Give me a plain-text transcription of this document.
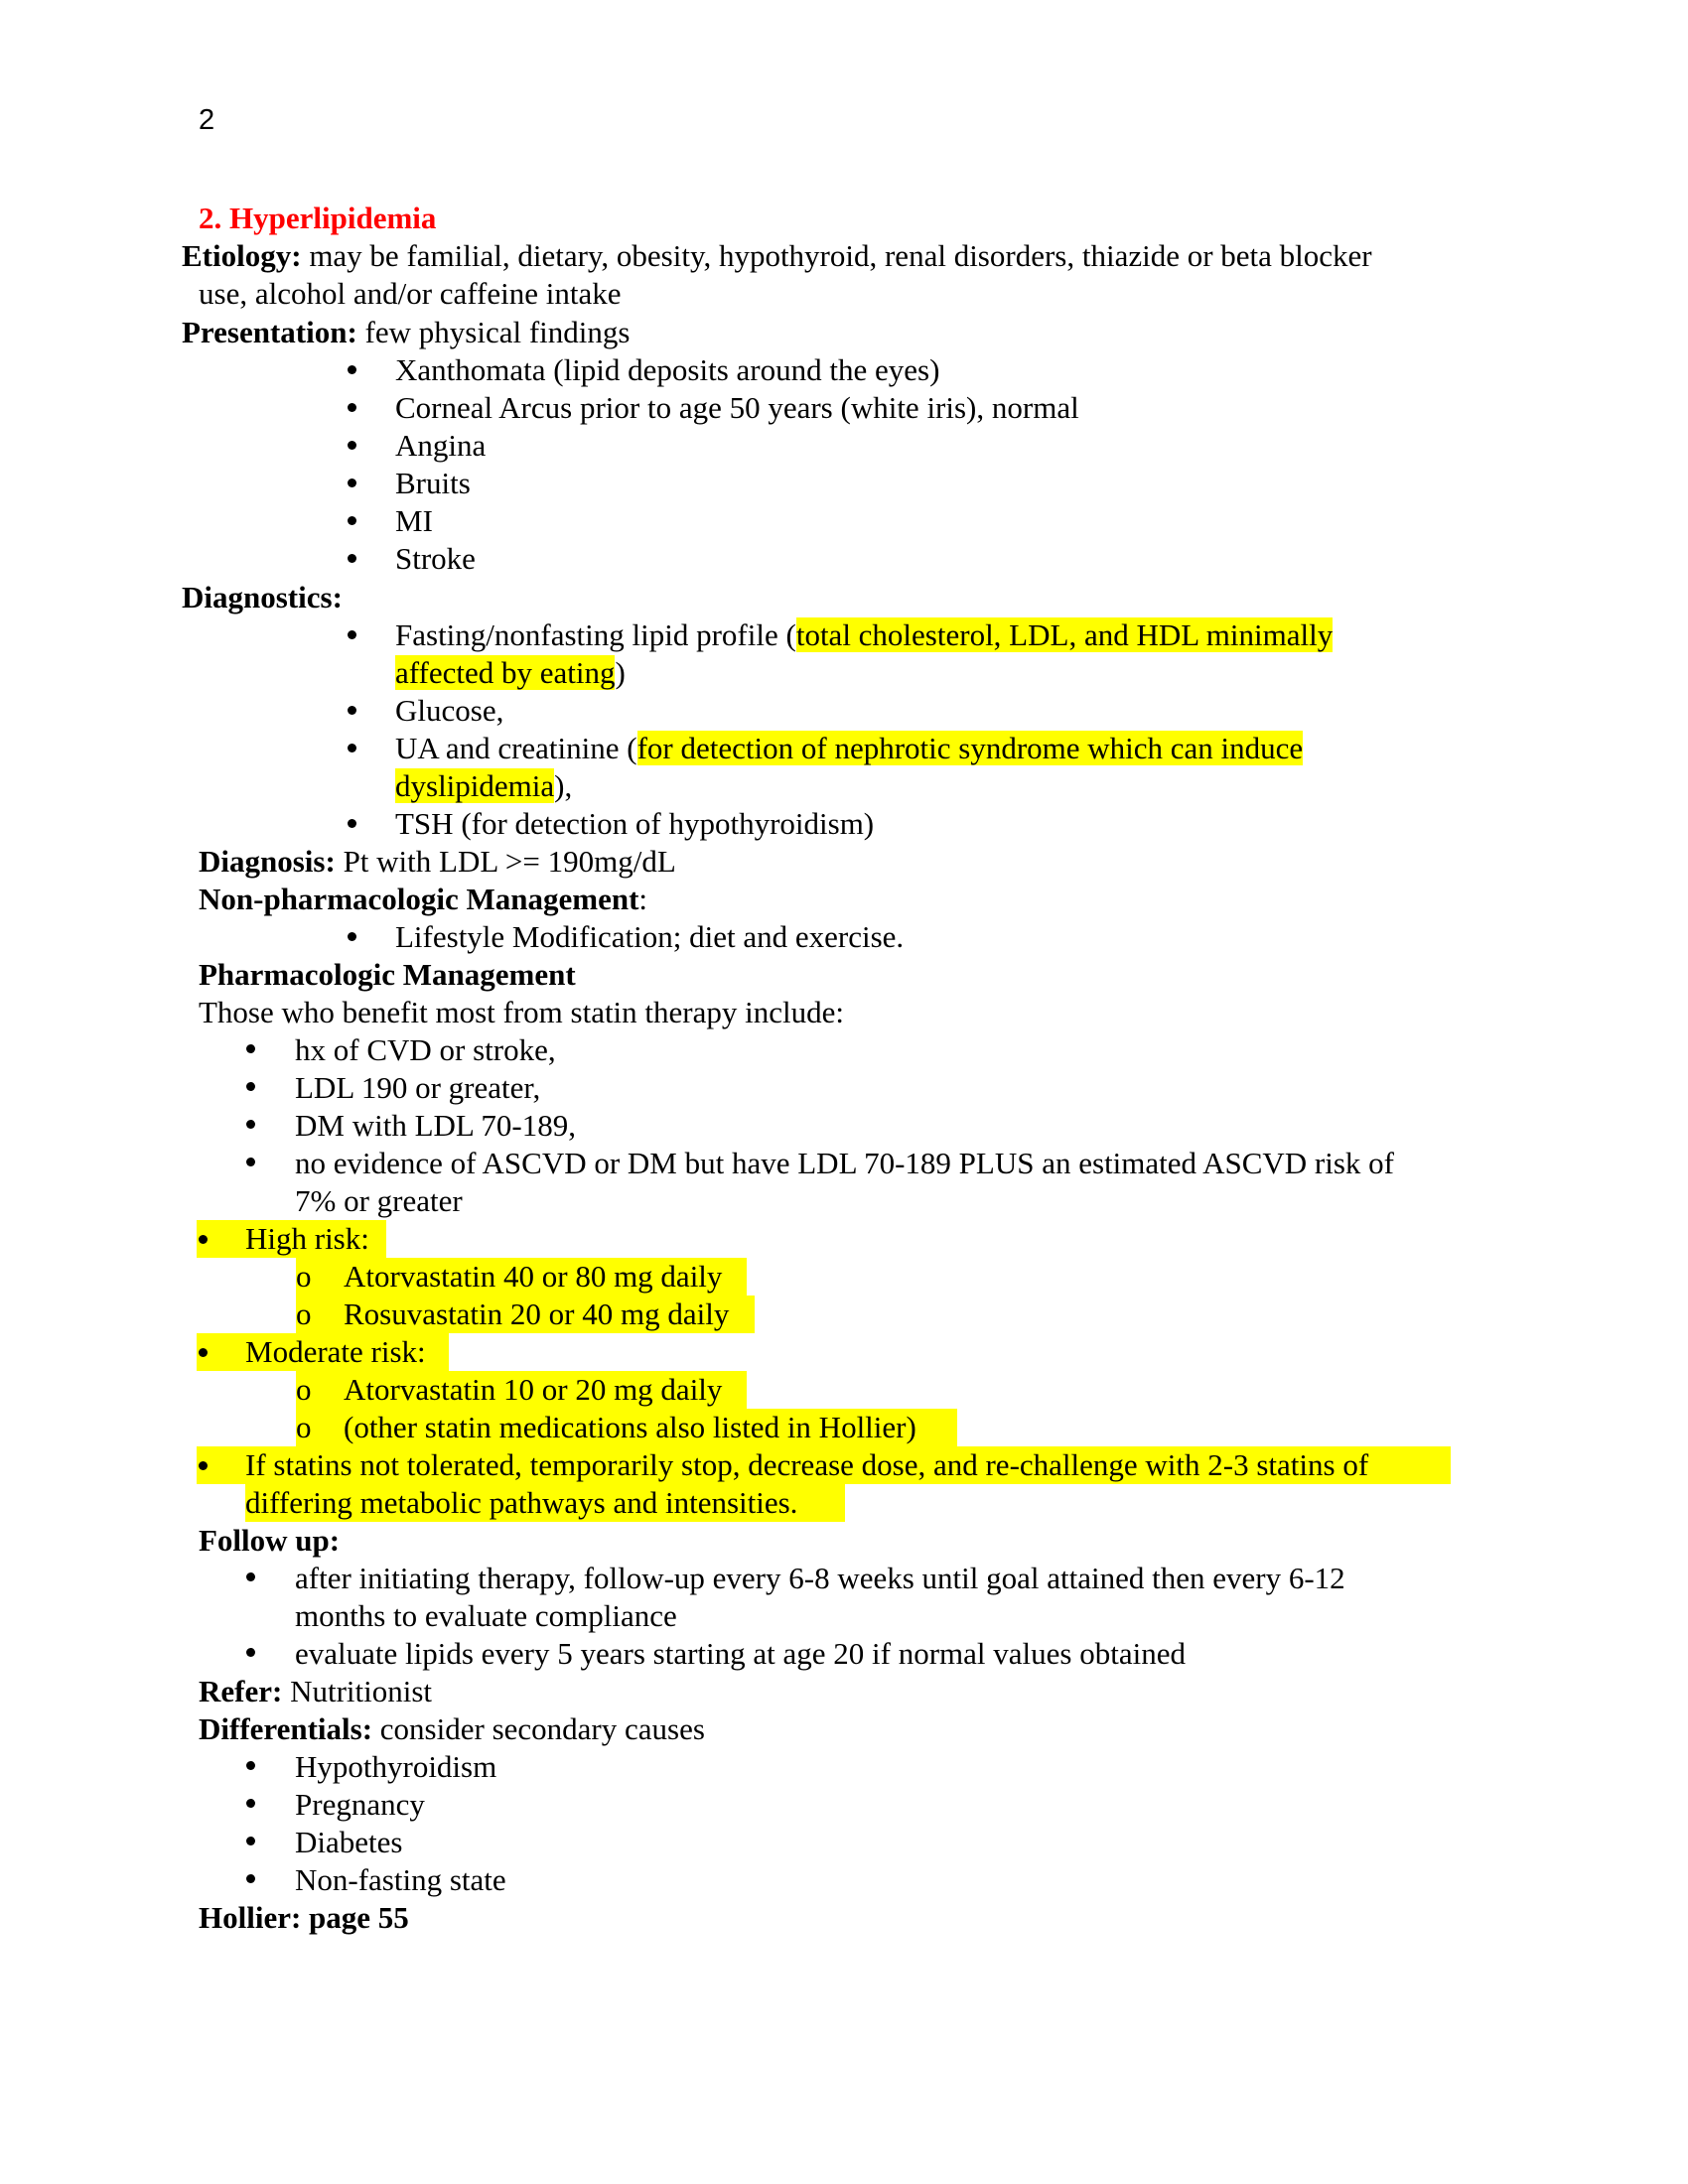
2
2. Hyperlipidemia
Etiology: may be familial, dietary, obesity, hypothyroid, renal disorders, thiazide or beta blocker
use, alcohol and/or caffeine intake
Presentation: few physical findings
Xanthomata (lipid deposits around the eyes)
Corneal Arcus prior to age 50 years (white iris), normal
Angina
Bruits
MI
Stroke
Diagnostics:
Fasting/nonfasting lipid profile (total cholesterol, LDL, and HDL minimally
affected by eating)
Glucose,
UA and creatinine (for detection of nephrotic syndrome which can induce
dyslipidemia),
TSH (for detection of hypothyroidism)
Diagnosis: Pt with LDL >= 190mg/dL
Non-pharmacologic Management:
Lifestyle Modification; diet and exercise.
Pharmacologic Management
Those who benefit most from statin therapy include:
hx of CVD or stroke,
LDL 190 or greater,
DM with LDL 70-189,
no evidence of ASCVD or DM but have LDL 70-189 PLUS an estimated ASCVD risk of
7% or greater
High risk:
o Atorvastatin 40 or 80 mg daily
o Rosuvastatin 20 or 40 mg daily
Moderate risk:
o Atorvastatin 10 or 20 mg daily
o (other statin medications also listed in Hollier)
If statins not tolerated, temporarily stop, decrease dose, and re-challenge with 2-3 statins of
differing metabolic pathways and intensities.
Follow up:
after initiating therapy, follow-up every 6-8 weeks until goal attained then every 6-12
months to evaluate compliance
evaluate lipids every 5 years starting at age 20 if normal values obtained
Refer: Nutritionist
Differentials: consider secondary causes
Hypothyroidism
Pregnancy
Diabetes
Non-fasting state
Hollier: page 55
